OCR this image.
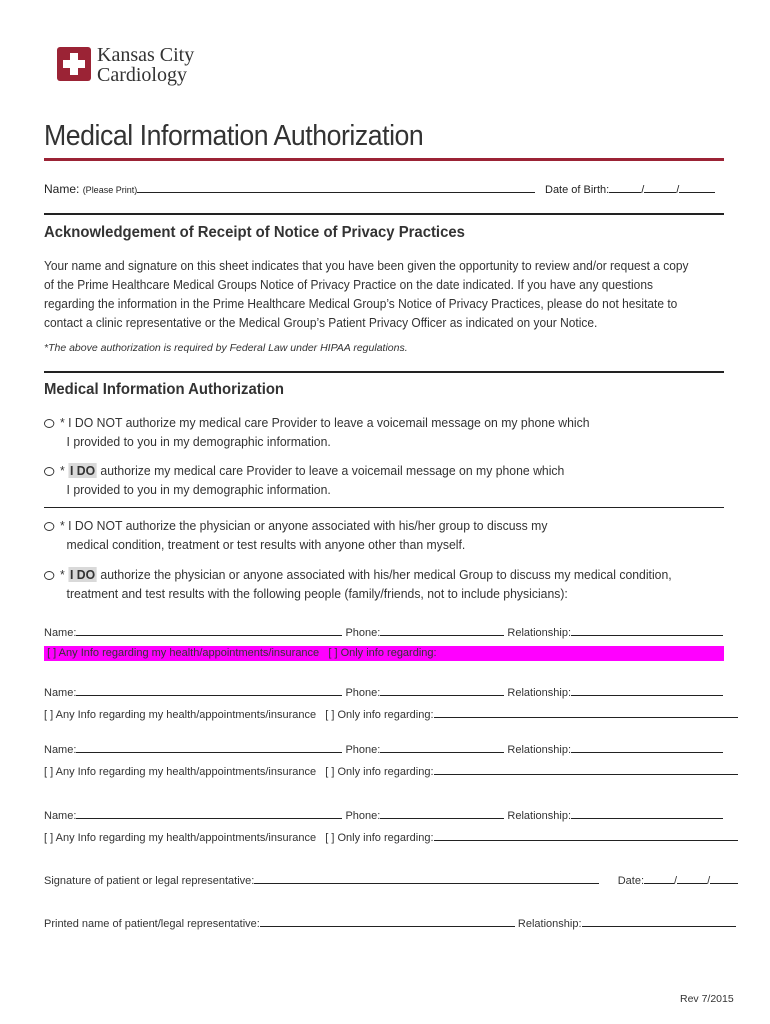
Kansas City
Cardiology
Medical Information Authorization
Name: (Please Print)	Date of Birth:	/	/
Acknowledgement of Receipt of Notice of Privacy Practices
Your name and signature on this sheet indicates that you have been given the opportunity to review and/or request a copy
of the Prime Healthcare Medical Groups Notice of Privacy Practice on the date indicated. If you have any questions
regarding the information in the Prime Healthcare Medical Group’s Notice of Privacy Practices, please do not hesitate to
contact a clinic representative or the Medical Group’s Patient Privacy Officer as indicated on your Notice.
*The above authorization is required by Federal Law under HIPAA regulations.
Medical Information Authorization
* I DO NOT authorize my medical care Provider to leave a voicemail message on my phone which
I provided to you in my demographic information.
* I DO authorize my medical care Provider to leave a voicemail message on my phone which
I provided to you in my demographic information.
* I DO NOT authorize the physician or anyone associated with his/her group to discuss my
medical condition, treatment or test results with anyone other than myself.
* I DO authorize the physician or anyone associated with his/her medical Group to discuss my medical condition,
treatment and test results with the following people (family/friends, not to include physicians):
Name:	Phone:	Relationship:
[ ] Any Info regarding my health/appointments/insurance [ ] Only info regarding:
Name:	Phone:	Relationship:
[ ] Any Info regarding my health/appointments/insurance [ ] Only info regarding:
Name:	Phone:	Relationship:
[ ] Any Info regarding my health/appointments/insurance [ ] Only info regarding:
Name:	Phone:	Relationship:
[ ] Any Info regarding my health/appointments/insurance [ ] Only info regarding:
Signature of patient or legal representative:	Date:	/	/
Printed name of patient/legal representative:	Relationship:
Rev 7/2015
